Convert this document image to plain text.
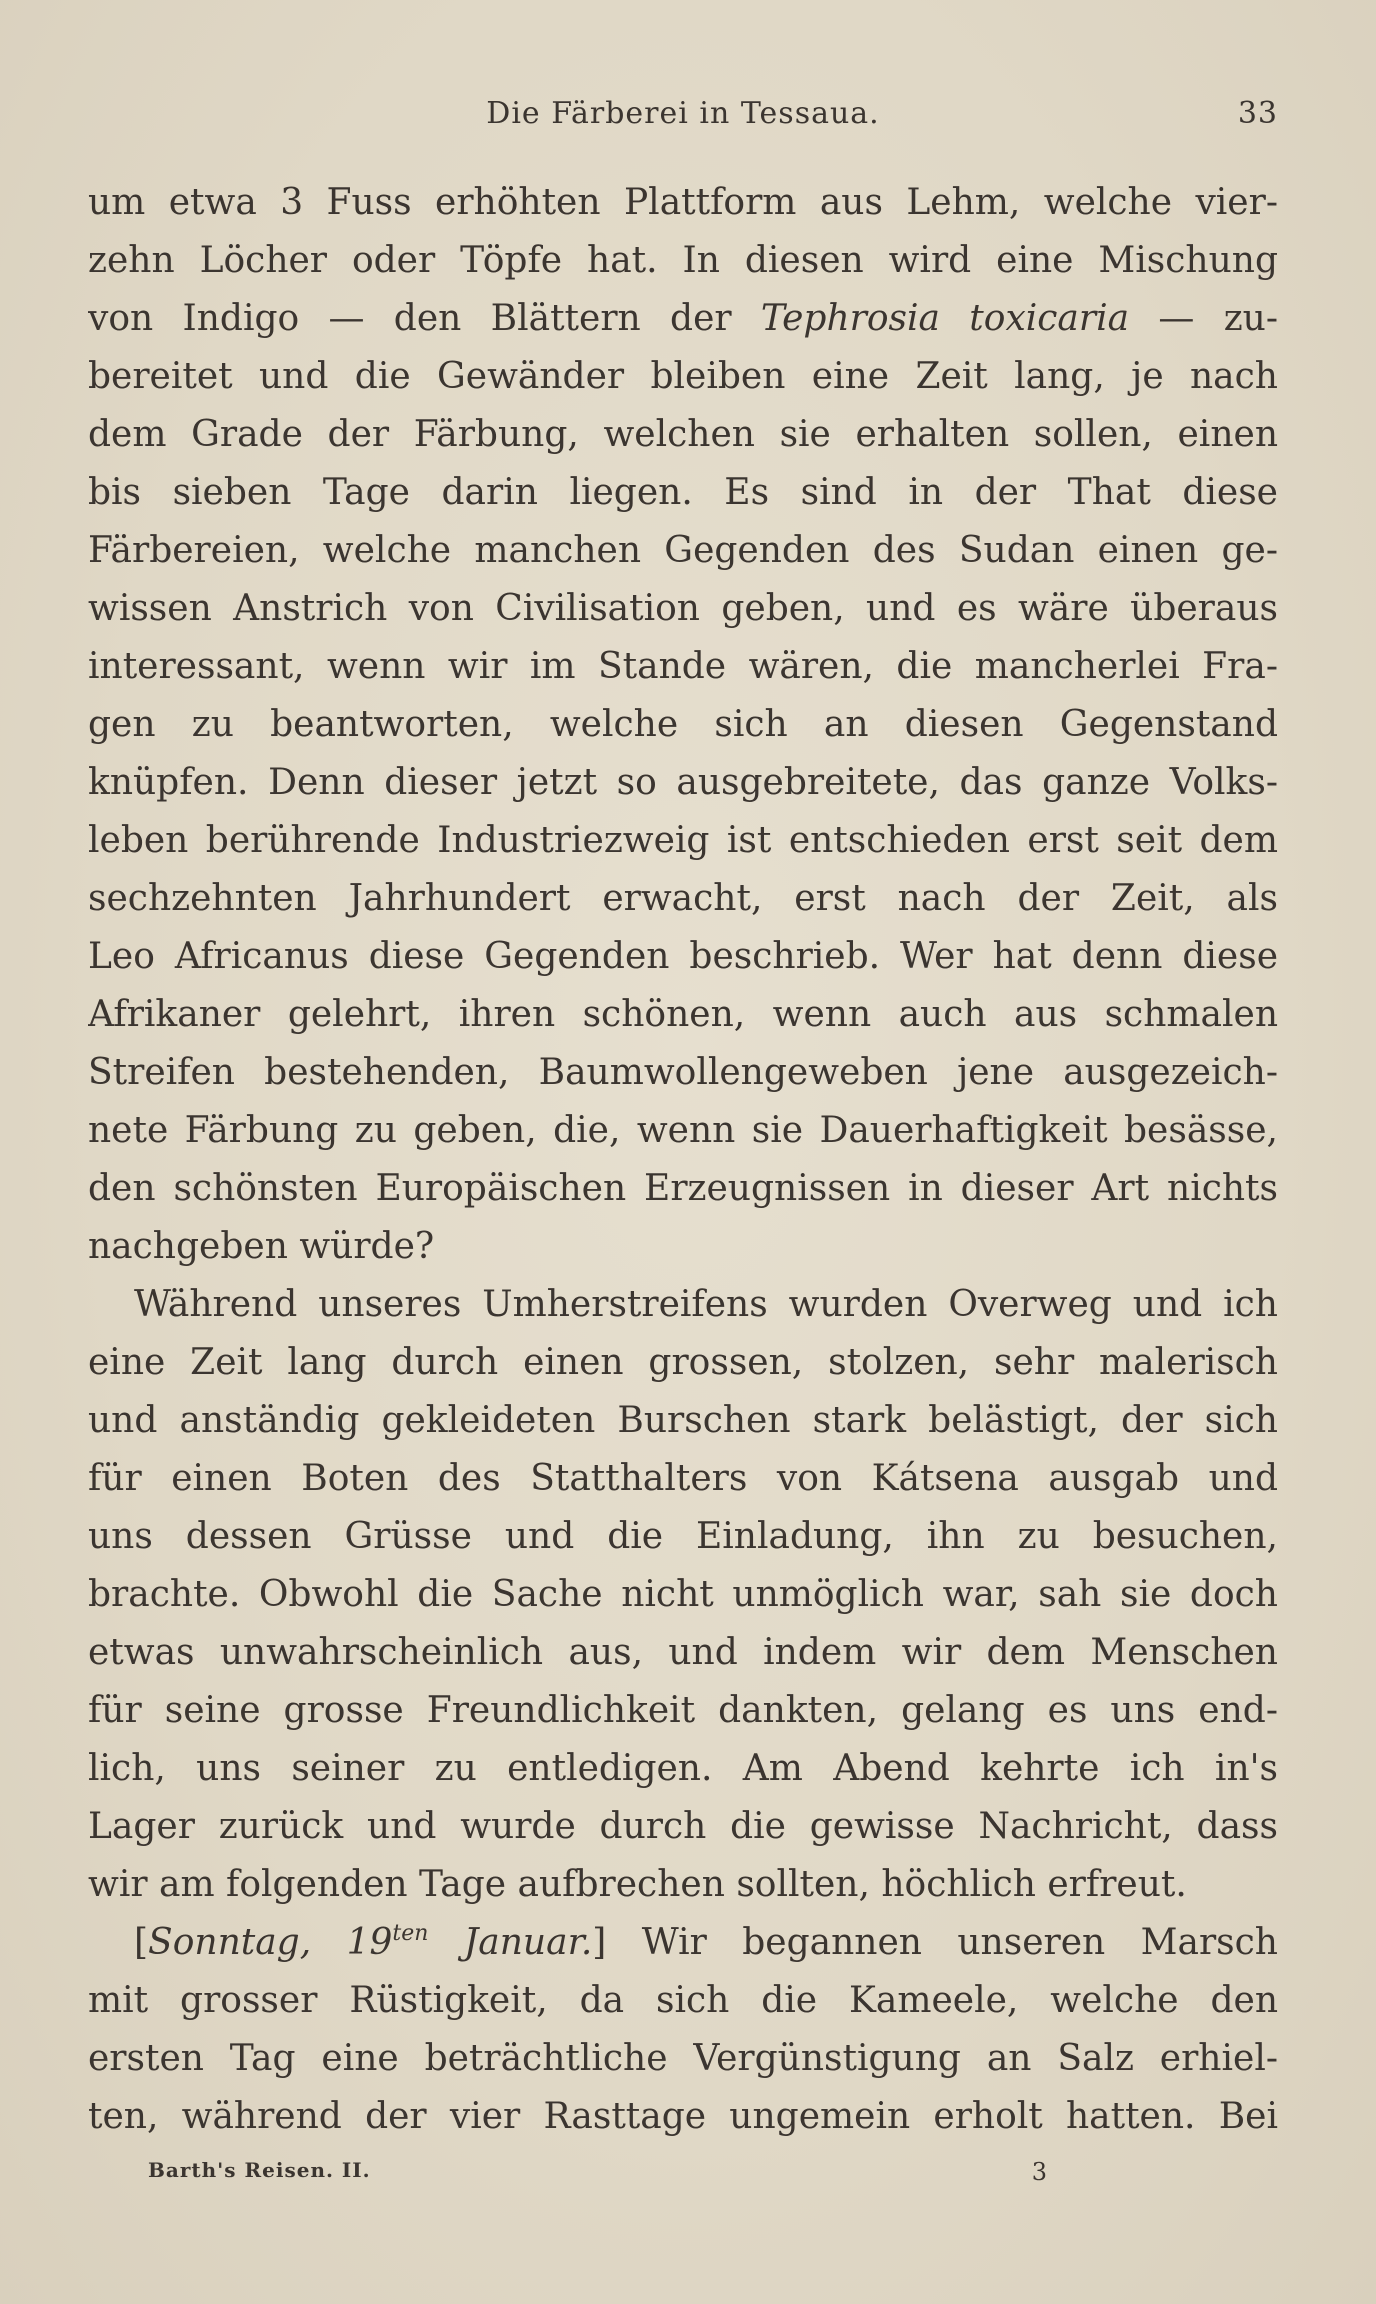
Die Färberei in Tessaua.	33
um etwa 3 Fuss erhöhten Plattform aus Lehm, welche vier-
zehn Löcher oder Töpfe hat. In diesen wird eine Mischung
von Indigo — den Blättern der Tephrosia toxicaria — zu-
bereitet und die Gewänder bleiben eine Zeit lang, je nach
dem Grade der Färbung, welchen sie erhalten sollen, einen
bis sieben Tage darin liegen. Es sind in der That diese
Färbereien, welche manchen Gegenden des Sudan einen ge-
wissen Anstrich von Civilisation geben, und es wäre überaus
interessant, wenn wir im Stande wären, die mancherlei Fra-
gen zu beantworten, welche sich an diesen Gegenstand
knüpfen. Denn dieser jetzt so ausgebreitete, das ganze Volks-
leben berührende Industriezweig ist entschieden erst seit dem
sechzehnten Jahrhundert erwacht, erst nach der Zeit, als
Leo Africanus diese Gegenden beschrieb. Wer hat denn diese
Afrikaner gelehrt, ihren schönen, wenn auch aus schmalen
Streifen bestehenden, Baumwollengeweben jene ausgezeich-
nete Färbung zu geben, die, wenn sie Dauerhaftigkeit besässe,
den schönsten Europäischen Erzeugnissen in dieser Art nichts
nachgeben würde?
Während unseres Umherstreifens wurden Overweg und ich
eine Zeit lang durch einen grossen, stolzen, sehr malerisch
und anständig gekleideten Burschen stark belästigt, der sich
für einen Boten des Statthalters von Kátsena ausgab und
uns dessen Grüsse und die Einladung, ihn zu besuchen,
brachte. Obwohl die Sache nicht unmöglich war, sah sie doch
etwas unwahrscheinlich aus, und indem wir dem Menschen
für seine grosse Freundlichkeit dankten, gelang es uns end-
lich, uns seiner zu entledigen. Am Abend kehrte ich in's
Lager zurück und wurde durch die gewisse Nachricht, dass
wir am folgenden Tage aufbrechen sollten, höchlich erfreut.
[Sonntag, $19^{ten}$ Januar.] Wir begannen unseren Marsch
mit grosser Rüstigkeit, da sich die Kameele, welche den
ersten Tag eine beträchtliche Vergünstigung an Salz erhiel-
ten, während der vier Rasttage ungemein erholt hatten. Bei
Barth's Reisen. II.	3
